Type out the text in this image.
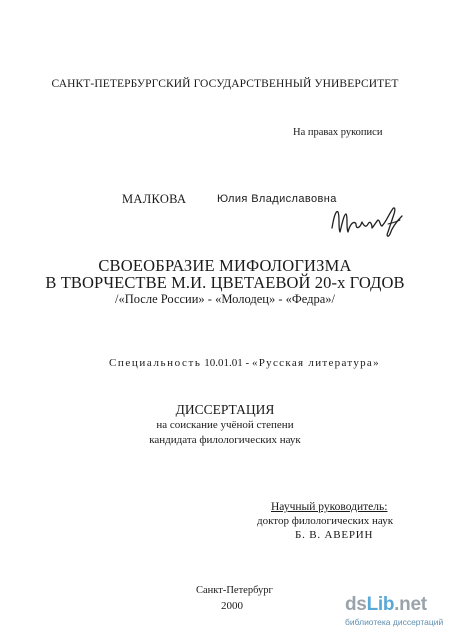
САНКТ-ПЕТЕРБУРГСКИЙ ГОСУДАРСТВЕННЫЙ УНИВЕРСИТЕТ
На правах рукописи
МАЛКОВА	Юлия Владиславовна
СВОЕОБРАЗИЕ МИФОЛОГИЗМА
В ТВОРЧЕСТВЕ М.И. ЦВЕТАЕВОЙ 20-х ГОДОВ
/«После России» - «Молодец» - «Федра»/
Специальность 10.01.01 - «Русская литература»
ДИССЕРТАЦИЯ
на соискание учёной степени
кандидата филологических наук
Научный руководитель:
доктор филологических наук
Б. В. АВЕРИН
Санкт-Петербург
2000	dsLib.net
библиотека диссертаций
